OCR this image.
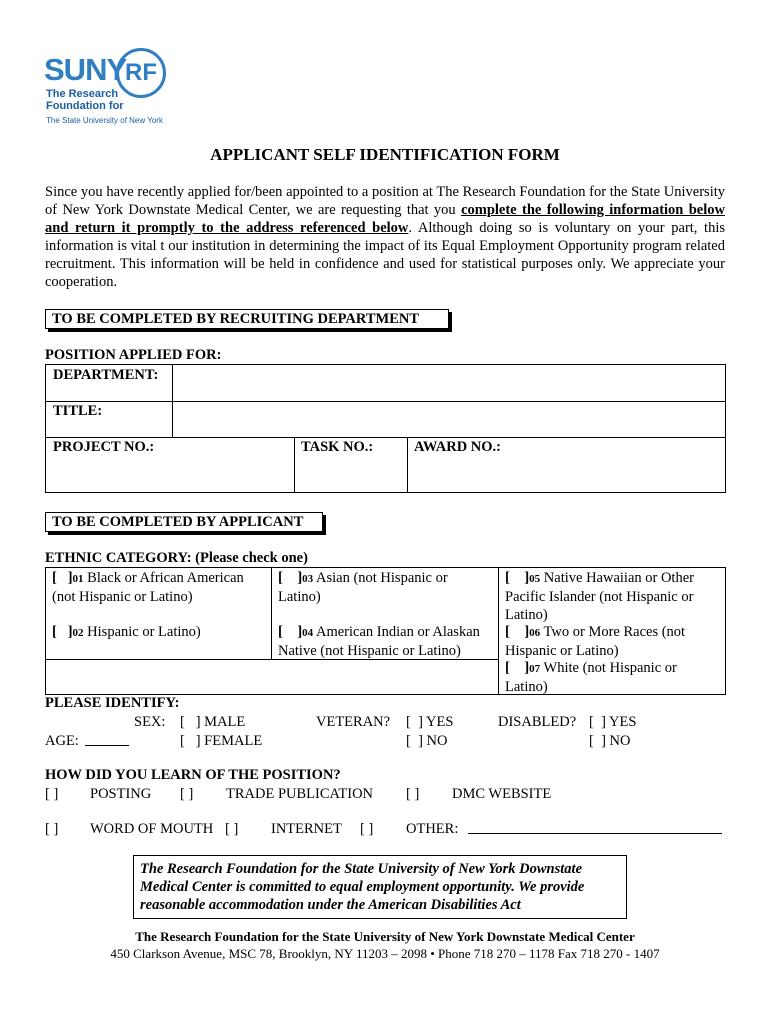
SUNY
RF
The Research
Foundation for
The State University of New York
APPLICANT SELF IDENTIFICATION FORM
Since you have recently applied for/been appointed to a position at The Research Foundation for the State University of New York Downstate Medical Center, we are requesting that you complete the following information below and return it promptly to the address referenced below. Although doing so is voluntary on your part, this information is vital t our institution in determining the impact of its Equal Employment Opportunity program related recruitment. This information will be held in confidence and used for statistical purposes only. We appreciate your cooperation.
TO BE COMPLETED BY RECRUITING DEPARTMENT
POSITION APPLIED FOR:
DEPARTMENT:
TITLE:
PROJECT NO.:	TASK NO.:	AWARD NO.:
TO BE COMPLETED BY APPLICANT
ETHNIC CATEGORY: (Please check one)
[   ]01 Black or African American
(not Hispanic or Latino)
[   ]02 Hispanic or Latino)
[    ]03 Asian (not Hispanic or
Latino)
[    ]04 American Indian or Alaskan
Native (not Hispanic or Latino)
[    ]05 Native Hawaiian or Other
Pacific Islander (not Hispanic or
Latino)
[    ]06 Two or More Races (not
Hispanic or Latino)
[    ]07 White (not Hispanic or
Latino)
PLEASE IDENTIFY:
SEX: [   ] MALE
[   ] FEMALE
AGE:
VETERAN? [  ] YES
[  ] NO
DISABLED? [  ] YES
[  ] NO
HOW DID YOU LEARN OF THE POSITION?
[ ] POSTING [ ] TRADE PUBLICATION [ ] DMC WEBSITE
[ ] WORD OF MOUTH [ ] INTERNET [ ] OTHER:
The Research Foundation for the State University of New York Downstate Medical Center is committed to equal employment opportunity. We provide reasonable accommodation under the American Disabilities Act
The Research Foundation for the State University of New York Downstate Medical Center
450 Clarkson Avenue, MSC 78, Brooklyn, NY 11203 – 2098 • Phone 718 270 – 1178 Fax 718 270 - 1407
